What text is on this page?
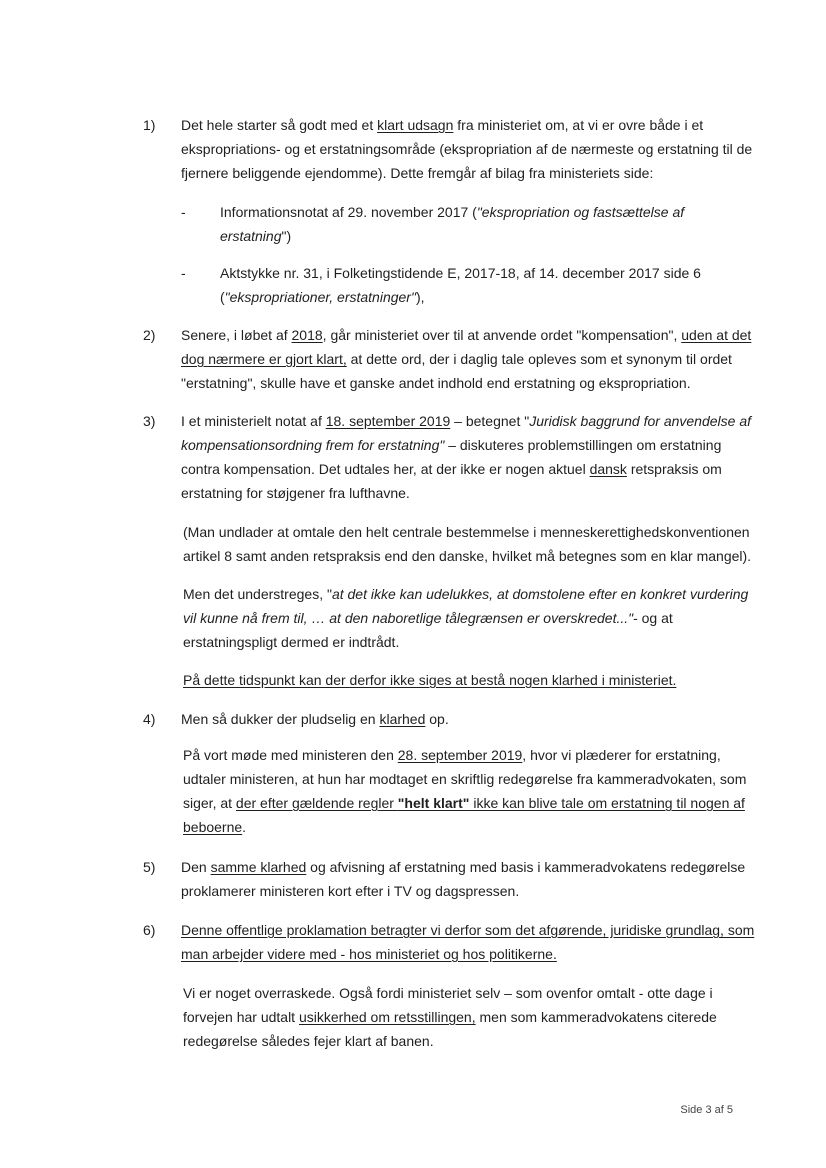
1) Det hele starter så godt med et klart udsagn fra ministeriet om, at vi er ovre både i et ekspropriations- og et erstatningsområde (ekspropriation af de nærmeste og erstatning til de fjernere beliggende ejendomme). Dette fremgår af bilag fra ministeriets side:
- Informationsnotat af 29. november 2017 ("ekspropriation og fastsættelse af erstatning")
- Aktstykke nr. 31, i Folketingstidende E, 2017-18, af 14. december 2017 side 6 ("ekspropriationer, erstatninger"),
2) Senere, i løbet af 2018, går ministeriet over til at anvende ordet "kompensation", uden at det dog nærmere er gjort klart, at dette ord, der i daglig tale opleves som et synonym til ordet "erstatning", skulle have et ganske andet indhold end erstatning og ekspropriation.
3) I et ministerielt notat af 18. september 2019 – betegnet "Juridisk baggrund for anvendelse af kompensationsordning frem for erstatning" – diskuteres problemstillingen om erstatning contra kompensation. Det udtales her, at der ikke er nogen aktuel dansk retspraksis om erstatning for støjgener fra lufthavne.
(Man undlader at omtale den helt centrale bestemmelse i menneskerettighedskonventionen artikel 8 samt anden retspraksis end den danske, hvilket må betegnes som en klar mangel).
Men det understreges, "at det ikke kan udelukkes, at domstolene efter en konkret vurdering vil kunne nå frem til, … at den naboretlige tålegrænsen er overskredet..."- og at erstatningspligt dermed er indtrådt.
På dette tidspunkt kan der derfor ikke siges at bestå nogen klarhed i ministeriet.
4) Men så dukker der pludselig en klarhed op.
På vort møde med ministeren den 28. september 2019, hvor vi plæderer for erstatning, udtaler ministeren, at hun har modtaget en skriftlig redegørelse fra kammeradvokaten, som siger, at der efter gældende regler "helt klart" ikke kan blive tale om erstatning til nogen af beboerne.
5) Den samme klarhed og afvisning af erstatning med basis i kammeradvokatens redegørelse proklamerer ministeren kort efter i TV og dagspressen.
6) Denne offentlige proklamation betragter vi derfor som det afgørende, juridiske grundlag, som man arbejder videre med - hos ministeriet og hos politikerne.
Vi er noget overraskede. Også fordi ministeriet selv – som ovenfor omtalt - otte dage i forvejen har udtalt usikkerhed om retsstillingen, men som kammeradvokatens citerede redegørelse således fejer klart af banen.
Side 3 af 5
